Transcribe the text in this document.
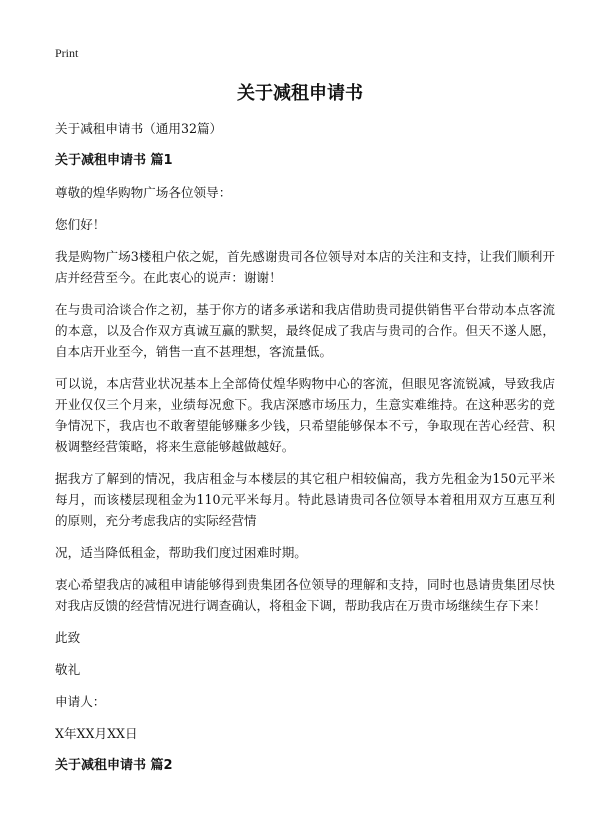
Print
关于减租申请书

关于减租申请书（通用32篇）

关于减租申请书 篇1

尊敬的煌华购物广场各位领导：

您们好！

我是购物广场3楼租户依之妮，首先感谢贵司各位领导对本店的关注和支持，让我们顺利开店并经营至今。在此衷心的说声：谢谢！

在与贵司洽谈合作之初，基于你方的诸多承诺和我店借助贵司提供销售平台带动本点客流的本意，以及合作双方真诚互赢的默契，最终促成了我店与贵司的合作。但天不遂人愿，自本店开业至今，销售一直不甚理想，客流量低。

可以说，本店营业状况基本上全部倚仗煌华购物中心的客流，但眼见客流锐减，导致我店开业仅仅三个月来，业绩每况愈下。我店深感市场压力，生意实难维持。在这种恶劣的竞争情况下，我店也不敢奢望能够赚多少钱，只希望能够保本不亏，争取现在苦心经营、积极调整经营策略，将来生意能够越做越好。

据我方了解到的情况，我店租金与本楼层的其它租户相较偏高，我方先租金为150元平米每月，而该楼层现租金为110元平米每月。特此恳请贵司各位领导本着租用双方互惠互利的原则，充分考虑我店的实际经营情

况，适当降低租金，帮助我们度过困难时期。

衷心希望我店的减租申请能够得到贵集团各位领导的理解和支持，同时也恳请贵集团尽快对我店反馈的经营情况进行调查确认，将租金下调，帮助我店在万贵市场继续生存下来！

此致

敬礼

申请人：

X年XX月XX日

关于减租申请书 篇2
